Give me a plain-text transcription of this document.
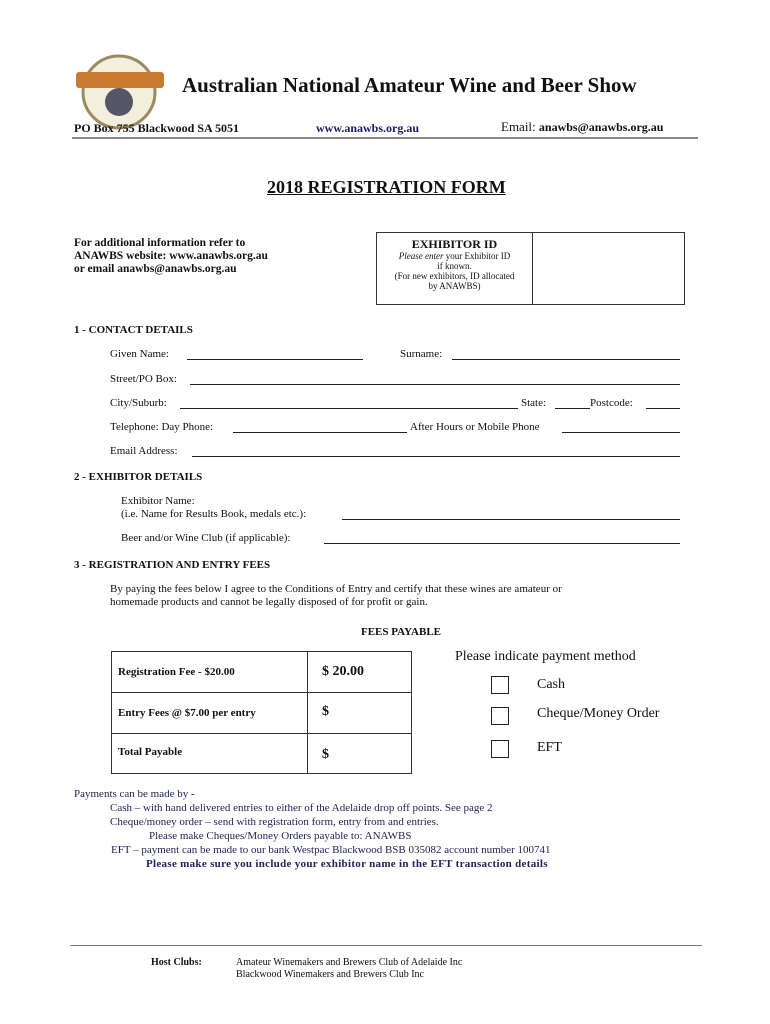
Australian National Amateur Wine and Beer Show
PO Box 755 Blackwood SA 5051	www.anawbs.org.au	Email: anawbs@anawbs.org.au
2018 REGISTRATION FORM
For additional information refer to
ANAWBS website: www.anawbs.org.au
or email anawbs@anawbs.org.au
EXHIBITOR ID
Please enter your Exhibitor ID
if known.
(For new exhibitors, ID allocated
by ANAWBS)
1 - CONTACT DETAILS
Given Name:	Surname:
Street/PO Box:
City/Suburb:	State:	Postcode:
Telephone: Day Phone:	After Hours or Mobile Phone
Email Address:
2 - EXHIBITOR DETAILS
Exhibitor Name:
(i.e. Name for Results Book, medals etc.):
Beer and/or Wine Club (if applicable):
3 - REGISTRATION AND ENTRY FEES
By paying the fees below I agree to the Conditions of Entry and certify that these wines are amateur or
homemade products and cannot be legally disposed of for profit or gain.
FEES PAYABLE
Registration Fee - $20.00	$ 20.00
Entry Fees @ $7.00 per entry	$
Total Payable	$
Please indicate payment method
Cash
Cheque/Money Order
EFT
Payments can be made by -
Cash – with hand delivered entries to either of the Adelaide drop off points. See page 2
Cheque/money order – send with registration form, entry from and entries.
Please make Cheques/Money Orders payable to: ANAWBS
EFT – payment can be made to our bank Westpac Blackwood BSB 035082 account number 100741
Please make sure you include your exhibitor name in the EFT transaction details
Host Clubs:	Amateur Winemakers and Brewers Club of Adelaide Inc
Blackwood Winemakers and Brewers Club Inc
